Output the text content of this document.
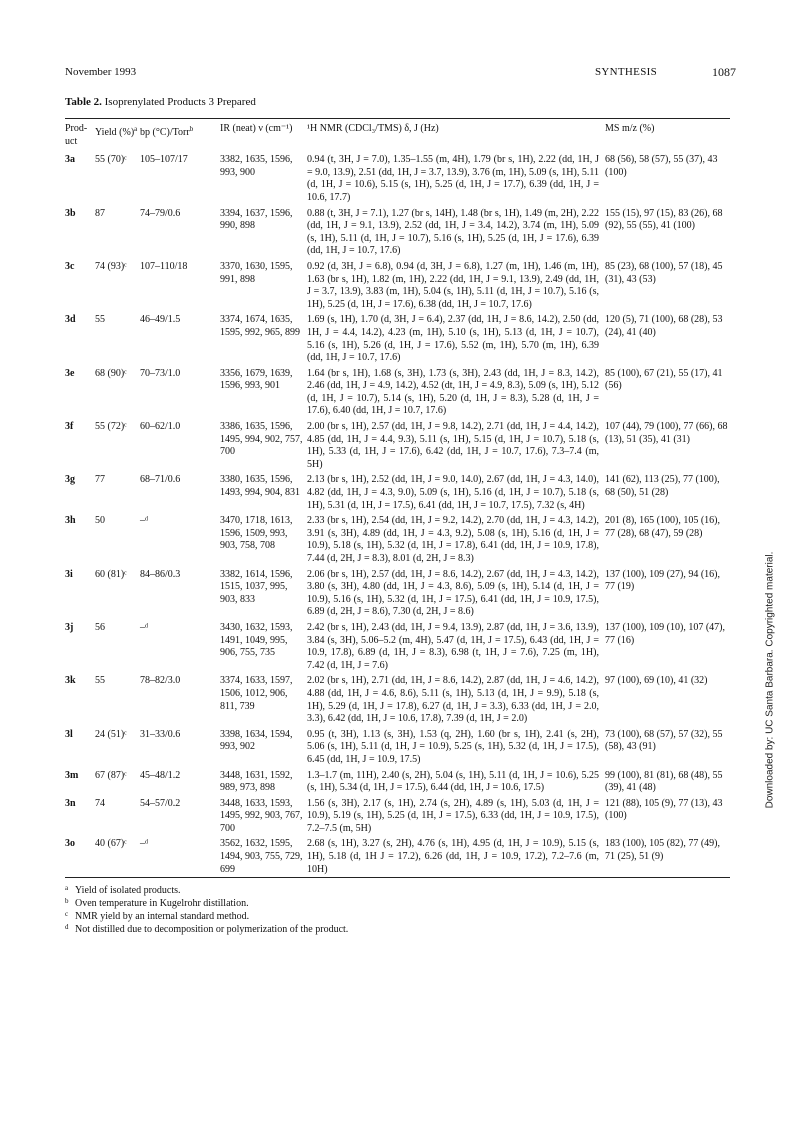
November 1993	SYNTHESIS	1087
Table 2. Isoprenylated Products 3 Prepared
Prod-uct	Yield (%)$^a$	bp (°C)/Torr$^b$	IR (neat) ν (cm⁻¹)	¹H NMR (CDCl₃/TMS) δ, J (Hz)	MS m/z (%)
3a	55 (70)ᶜ	105–107/17	3382, 1635, 1596, 993, 900	0.94 (t, 3H, J = 7.0), 1.35–1.55 (m, 4H), 1.79 (br s, 1H), 2.22 (dd, 1H, J = 9.0, 13.9), 2.51 (dd, 1H, J = 3.7, 13.9), 3.76 (m, 1H), 5.09 (s, 1H), 5.11 (d, 1H, J = 10.6), 5.15 (s, 1H), 5.25 (d, 1H, J = 17.7), 6.39 (dd, 1H, J = 10.6, 17.7)	68 (56), 58 (57), 55 (37), 43 (100)
3b	87	74–79/0.6	3394, 1637, 1596, 990, 898	0.88 (t, 3H, J = 7.1), 1.27 (br s, 14H), 1.48 (br s, 1H), 1.49 (m, 2H), 2.22 (dd, 1H, J = 9.1, 13.9), 2.52 (dd, 1H, J = 3.4, 14.2), 3.74 (m, 1H), 5.09 (s, 1H), 5.11 (d, 1H, J = 10.7), 5.16 (s, 1H), 5.25 (d, 1H, J = 17.6), 6.39 (dd, 1H, J = 10.7, 17.6)	155 (15), 97 (15), 83 (26), 68 (92), 55 (55), 41 (100)
3c	74 (93)ᶜ	107–110/18	3370, 1630, 1595, 991, 898	0.92 (d, 3H, J = 6.8), 0.94 (d, 3H, J = 6.8), 1.27 (m, 1H), 1.46 (m, 1H), 1.63 (br s, 1H), 1.82 (m, 1H), 2.22 (dd, 1H, J = 9.1, 13.9), 2.49 (dd, 1H, J = 3.7, 13.9), 3.83 (m, 1H), 5.04 (s, 1H), 5.11 (d, 1H, J = 10.7), 5.16 (s, 1H), 5.25 (d, 1H, J = 17.6), 6.38 (dd, 1H, J = 10.7, 17.6)	85 (23), 68 (100), 57 (18), 45 (31), 43 (53)
3d	55	46–49/1.5	3374, 1674, 1635, 1595, 992, 965, 899	1.69 (s, 1H), 1.70 (d, 3H, J = 6.4), 2.37 (dd, 1H, J = 8.6, 14.2), 2.50 (dd, 1H, J = 4.4, 14.2), 4.23 (m, 1H), 5.10 (s, 1H), 5.13 (d, 1H, J = 10.7), 5.16 (s, 1H), 5.26 (d, 1H, J = 17.6), 5.52 (m, 1H), 5.70 (m, 1H), 6.39 (dd, 1H, J = 10.7, 17.6)	120 (5), 71 (100), 68 (28), 53 (24), 41 (40)
3e	68 (90)ᶜ	70–73/1.0	3356, 1679, 1639, 1596, 993, 901	1.64 (br s, 1H), 1.68 (s, 3H), 1.73 (s, 3H), 2.43 (dd, 1H, J = 8.3, 14.2), 2.46 (dd, 1H, J = 4.9, 14.2), 4.52 (dt, 1H, J = 4.9, 8.3), 5.09 (s, 1H), 5.12 (d, 1H, J = 10.7), 5.14 (s, 1H), 5.20 (d, 1H, J = 8.3), 5.28 (d, 1H, J = 17.6), 6.40 (dd, 1H, J = 10.7, 17.6)	85 (100), 67 (21), 55 (17), 41 (56)
3f	55 (72)ᶜ	60–62/1.0	3386, 1635, 1596, 1495, 994, 902, 757, 700	2.00 (br s, 1H), 2.57 (dd, 1H, J = 9.8, 14.2), 2.71 (dd, 1H, J = 4.4, 14.2), 4.85 (dd, 1H, J = 4.4, 9.3), 5.11 (s, 1H), 5.15 (d, 1H, J = 10.7), 5.18 (s, 1H), 5.33 (d, 1H, J = 17.6), 6.42 (dd, 1H, J = 10.7, 17.6), 7.3–7.4 (m, 5H)	107 (44), 79 (100), 77 (66), 68 (13), 51 (35), 41 (31)
3g	77	68–71/0.6	3380, 1635, 1596, 1493, 994, 904, 831	2.13 (br s, 1H), 2.52 (dd, 1H, J = 9.0, 14.0), 2.67 (dd, 1H, J = 4.3, 14.0), 4.82 (dd, 1H, J = 4.3, 9.0), 5.09 (s, 1H), 5.16 (d, 1H, J = 10.7), 5.18 (s, 1H), 5.31 (d, 1H, J = 17.5), 6.41 (dd, 1H, J = 10.7, 17.5), 7.32 (s, 4H)	141 (62), 113 (25), 77 (100), 68 (50), 51 (28)
3h	50	–ᵈ	3470, 1718, 1613, 1596, 1509, 993, 903, 758, 708	2.33 (br s, 1H), 2.54 (dd, 1H, J = 9.2, 14.2), 2.70 (dd, 1H, J = 4.3, 14.2), 3.91 (s, 3H), 4.89 (dd, 1H, J = 4.3, 9.2), 5.08 (s, 1H), 5.16 (d, 1H, J = 10.9), 5.18 (s, 1H), 5.32 (d, 1H, J = 17.8), 6.41 (dd, 1H, J = 10.9, 17.8), 7.44 (d, 2H, J = 8.3), 8.01 (d, 2H, J = 8.3)	201 (8), 165 (100), 105 (16), 77 (28), 68 (47), 59 (28)
3i	60 (81)ᶜ	84–86/0.3	3382, 1614, 1596, 1515, 1037, 995, 903, 833	2.06 (br s, 1H), 2.57 (dd, 1H, J = 8.6, 14.2), 2.67 (dd, 1H, J = 4.3, 14.2), 3.80 (s, 3H), 4.80 (dd, 1H, J = 4.3, 8.6), 5.09 (s, 1H), 5.14 (d, 1H, J = 10.9), 5.16 (s, 1H), 5.32 (d, 1H, J = 17.5), 6.41 (dd, 1H, J = 10.9, 17.5), 6.89 (d, 2H, J = 8.6), 7.30 (d, 2H, J = 8.6)	137 (100), 109 (27), 94 (16), 77 (19)
3j	56	–ᵈ	3430, 1632, 1593, 1491, 1049, 995, 906, 755, 735	2.42 (br s, 1H), 2.43 (dd, 1H, J = 9.4, 13.9), 2.87 (dd, 1H, J = 3.6, 13.9), 3.84 (s, 3H), 5.06–5.2 (m, 4H), 5.47 (d, 1H, J = 17.5), 6.43 (dd, 1H, J = 10.9, 17.8), 6.89 (d, 1H, J = 8.3), 6.98 (t, 1H, J = 7.6), 7.25 (m, 1H), 7.42 (d, 1H, J = 7.6)	137 (100), 109 (10), 107 (47), 77 (16)
3k	55	78–82/3.0	3374, 1633, 1597, 1506, 1012, 906, 811, 739	2.02 (br s, 1H), 2.71 (dd, 1H, J = 8.6, 14.2), 2.87 (dd, 1H, J = 4.6, 14.2), 4.88 (dd, 1H, J = 4.6, 8.6), 5.11 (s, 1H), 5.13 (d, 1H, J = 9.9), 5.18 (s, 1H), 5.29 (d, 1H, J = 17.8), 6.27 (d, 1H, J = 3.3), 6.33 (dd, 1H, J = 2.0, 3.3), 6.42 (dd, 1H, J = 10.6, 17.8), 7.39 (d, 1H, J = 2.0)	97 (100), 69 (10), 41 (32)
3l	24 (51)ᶜ	31–33/0.6	3398, 1634, 1594, 993, 902	0.95 (t, 3H), 1.13 (s, 3H), 1.53 (q, 2H), 1.60 (br s, 1H), 2.41 (s, 2H), 5.06 (s, 1H), 5.11 (d, 1H, J = 10.9), 5.25 (s, 1H), 5.32 (d, 1H, J = 17.5), 6.45 (dd, 1H, J = 10.9, 17.5)	73 (100), 68 (57), 57 (32), 55 (58), 43 (91)
3m	67 (87)ᶜ	45–48/1.2	3448, 1631, 1592, 989, 973, 898	1.3–1.7 (m, 11H), 2.40 (s, 2H), 5.04 (s, 1H), 5.11 (d, 1H, J = 10.6), 5.25 (s, 1H), 5.34 (d, 1H, J = 17.5), 6.44 (dd, 1H, J = 10.6, 17.5)	99 (100), 81 (81), 68 (48), 55 (39), 41 (48)
3n	74	54–57/0.2	3448, 1633, 1593, 1495, 992, 903, 767, 700	1.56 (s, 3H), 2.17 (s, 1H), 2.74 (s, 2H), 4.89 (s, 1H), 5.03 (d, 1H, J = 10.9), 5.19 (s, 1H), 5.25 (d, 1H, J = 17.5), 6.33 (dd, 1H, J = 10.9, 17.5), 7.2–7.5 (m, 5H)	121 (88), 105 (9), 77 (13), 43 (100)
3o	40 (67)ᶜ	–ᵈ	3562, 1632, 1595, 1494, 903, 755, 729, 699	2.68 (s, 1H), 3.27 (s, 2H), 4.76 (s, 1H), 4.95 (d, 1H, J = 10.9), 5.15 (s, 1H), 5.18 (d, 1H J = 17.2), 6.26 (dd, 1H, J = 10.9, 17.2), 7.2–7.6 (m, 10H)	183 (100), 105 (82), 77 (49), 71 (25), 51 (9)
a Yield of isolated products.
b Oven temperature in Kugelrohr distillation.
c NMR yield by an internal standard method.
d Not distilled due to decomposition or polymerization of the product.
Downloaded by: UC Santa Barbara. Copyrighted material.
